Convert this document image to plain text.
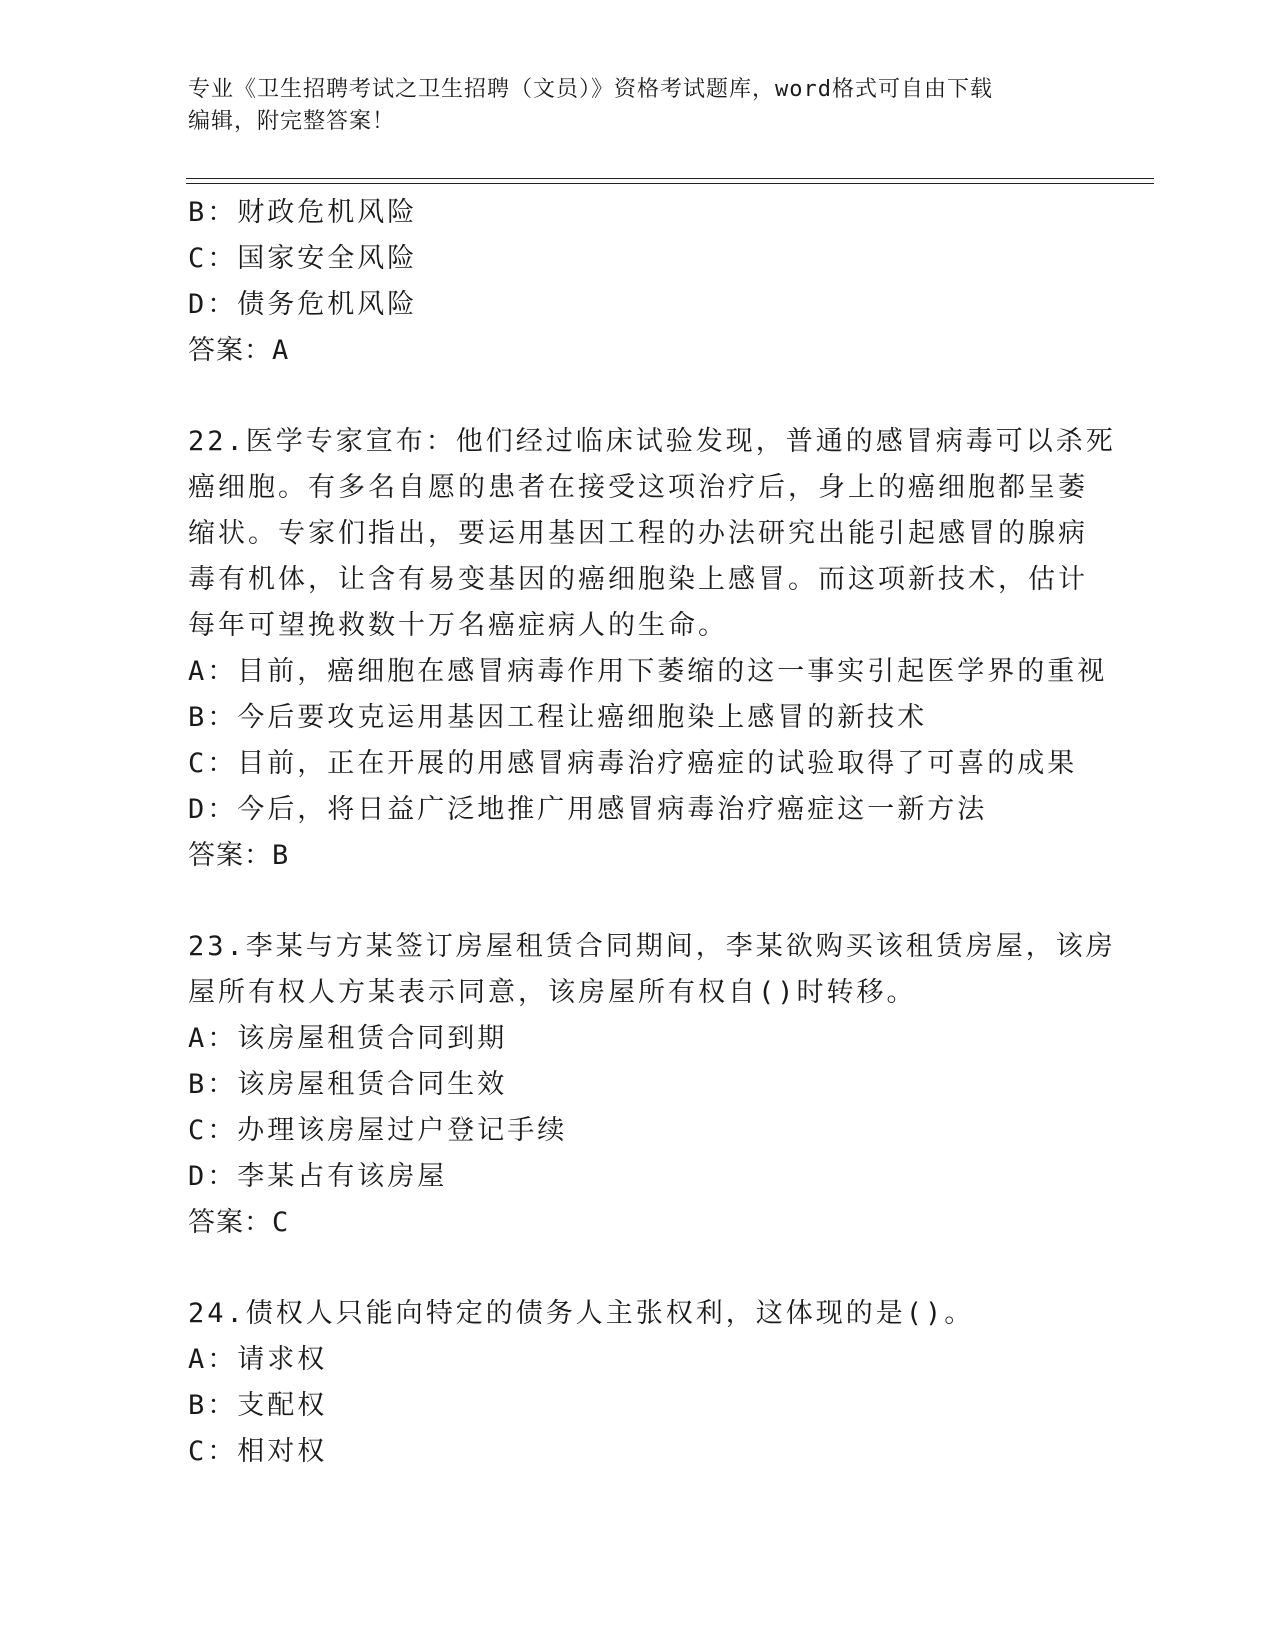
专业《卫生招聘考试之卫生招聘（文员）》资格考试题库，word格式可自由下载
编辑，附完整答案！
B：财政危机风险
C：国家安全风险
D：债务危机风险
答案：A
22.医学专家宣布：他们经过临床试验发现，普通的感冒病毒可以杀死
癌细胞。有多名自愿的患者在接受这项治疗后，身上的癌细胞都呈萎
缩状。专家们指出，要运用基因工程的办法研究出能引起感冒的腺病
毒有机体，让含有易变基因的癌细胞染上感冒。而这项新技术，估计
每年可望挽救数十万名癌症病人的生命。
A：目前，癌细胞在感冒病毒作用下萎缩的这一事实引起医学界的重视
B：今后要攻克运用基因工程让癌细胞染上感冒的新技术
C：目前，正在开展的用感冒病毒治疗癌症的试验取得了可喜的成果
D：今后，将日益广泛地推广用感冒病毒治疗癌症这一新方法
答案：B
23.李某与方某签订房屋租赁合同期间，李某欲购买该租赁房屋，该房
屋所有权人方某表示同意，该房屋所有权自()时转移。
A：该房屋租赁合同到期
B：该房屋租赁合同生效
C：办理该房屋过户登记手续
D：李某占有该房屋
答案：C
24.债权人只能向特定的债务人主张权利，这体现的是()。
A：请求权
B：支配权
C：相对权
